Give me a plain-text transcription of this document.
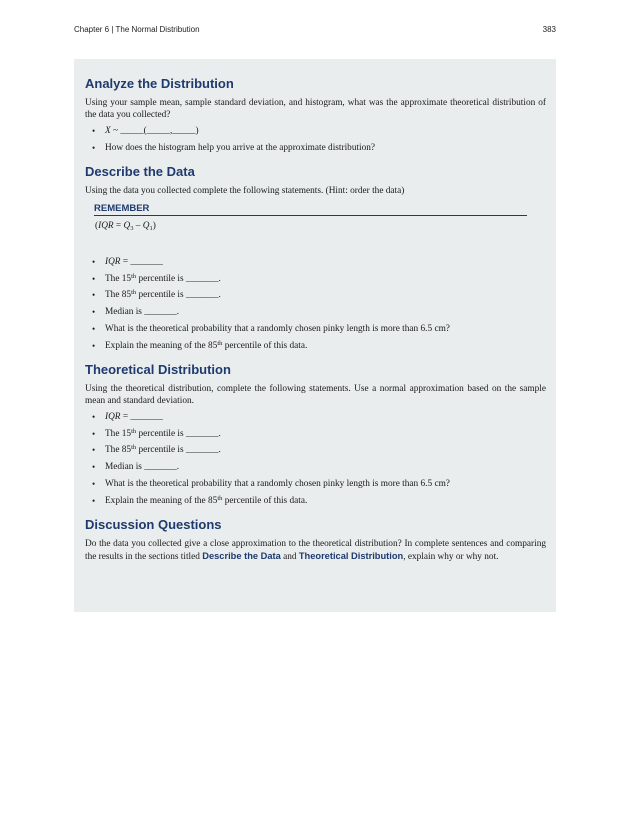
Chapter 6 | The Normal Distribution	383
Analyze the Distribution

Using your sample mean, sample standard deviation, and histogram, what was the approximate theoretical distribution of the data you collected?

• X ~ _____(_____,_____)
• How does the histogram help you arrive at the approximate distribution?
Describe the Data

Using the data you collected complete the following statements. (Hint: order the data)

REMEMBER
$(IQR = Q_3 - Q_1)$
• IQR = _______
• The 15th percentile is _______.
• The 85th percentile is _______.
• Median is _______.
• What is the theoretical probability that a randomly chosen pinky length is more than 6.5 cm?
• Explain the meaning of the 85th percentile of this data.
Theoretical Distribution

Using the theoretical distribution, complete the following statements. Use a normal approximation based on the sample mean and standard deviation.

• IQR = _______
• The 15th percentile is _______.
• The 85th percentile is _______.
• Median is _______.
• What is the theoretical probability that a randomly chosen pinky length is more than 6.5 cm?
• Explain the meaning of the 85th percentile of this data.
Discussion Questions

Do the data you collected give a close approximation to the theoretical distribution? In complete sentences and comparing the results in the sections titled Describe the Data and Theoretical Distribution, explain why or why not.
